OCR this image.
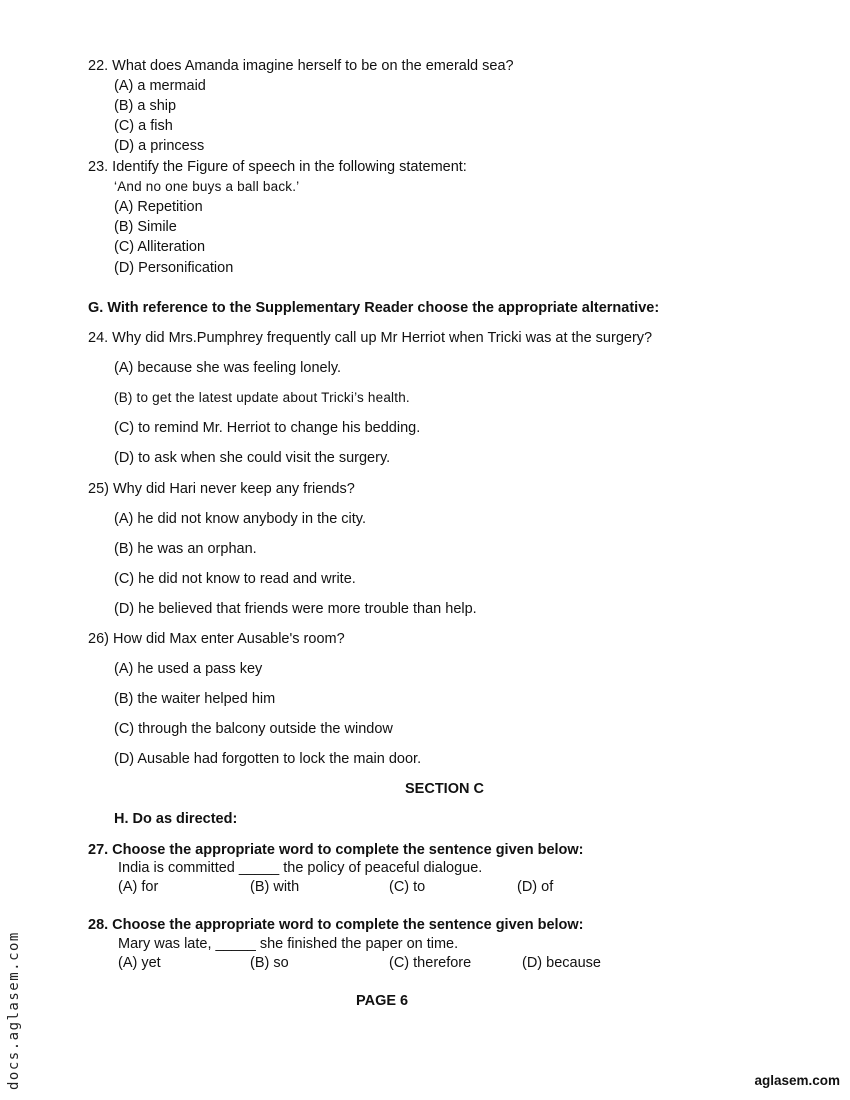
22. What does Amanda imagine herself to be on the emerald sea?
(A) a mermaid
(B) a ship
(C) a fish
(D) a princess
23. Identify the Figure of speech in the following statement:
‘And no one buys a ball back.’
(A) Repetition
(B) Simile
(C) Alliteration
(D) Personification
G. With reference to the Supplementary Reader choose the appropriate alternative:
24. Why did Mrs.Pumphrey frequently call up Mr Herriot when Tricki was at the surgery?
(A) because she was feeling lonely.
(B) to get the latest update about Tricki’s health.
(C) to remind Mr. Herriot to change his bedding.
(D) to ask when she could visit the surgery.
25) Why did Hari never keep any friends?
(A) he did not know anybody in the city.
(B) he was an orphan.
(C) he did not know to read and write.
(D) he believed that friends were more trouble than help.
26) How did Max enter Ausable's room?
(A) he used a pass key
(B) the waiter helped him
(C) through the balcony outside the window
(D) Ausable had forgotten to lock the main door.
SECTION C
H. Do as directed:
27. Choose the appropriate word to complete the sentence given below:
India is committed _____ the policy of peaceful dialogue.
(A) for	(B) with	(C) to	(D) of
28. Choose the appropriate word to complete the sentence given below:
Mary was late, _____ she finished the paper on time.
(A) yet	(B) so	(C) therefore	(D) because
PAGE 6
docs.aglasem.com	aglasem.com
